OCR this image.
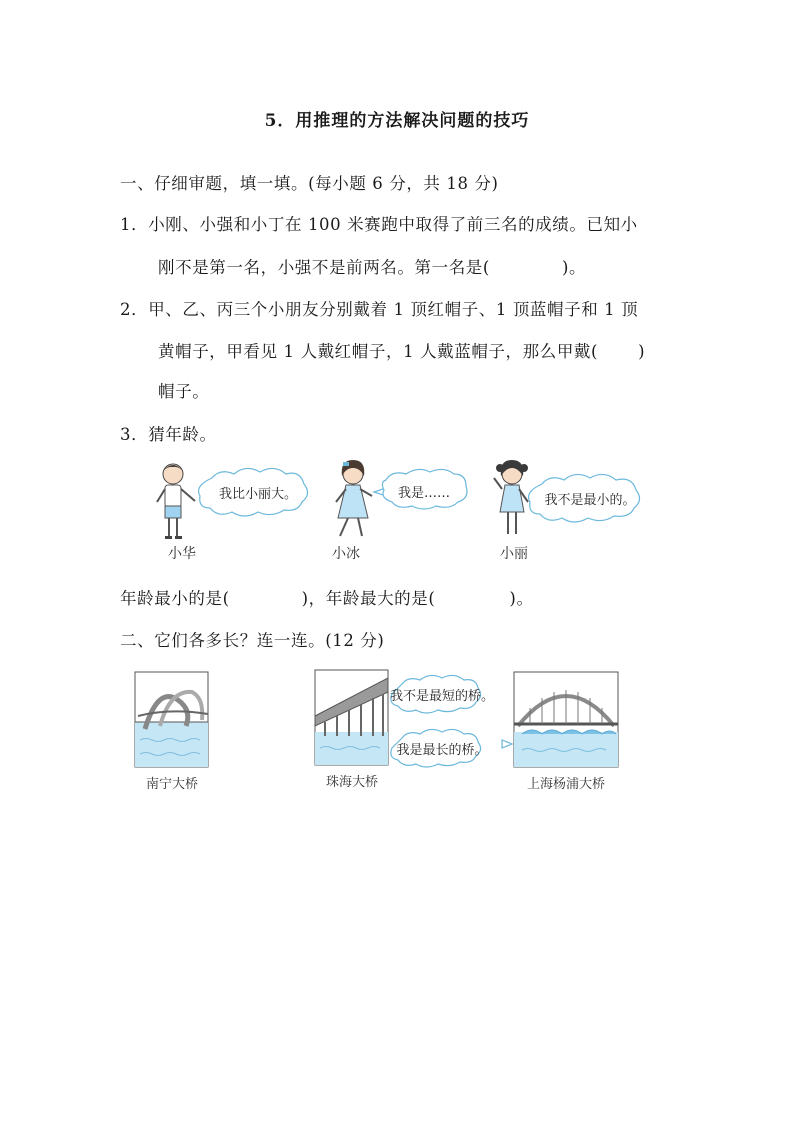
5．用推理的方法解决问题的技巧
一、仔细审题，填一填。(每小题 6 分，共 18 分)
1．小刚、小强和小丁在 100 米赛跑中取得了前三名的成绩。已知小
刚不是第一名，小强不是前两名。第一名是(	)。
2．甲、乙、丙三个小朋友分别戴着 1 顶红帽子、1 顶蓝帽子和 1 顶
黄帽子，甲看见 1 人戴红帽子，1 人戴蓝帽子，那么甲戴( )
帽子。
3．猜年龄。
我比小丽大。
小华
我是……
小冰
我不是最小的。
小丽
年龄最小的是(	)，年龄最大的是(	)。
二、它们各多长？连一连。(12 分)
南宁大桥	珠海大桥
我不是最短的桥。
我是最长的桥。
上海杨浦大桥
